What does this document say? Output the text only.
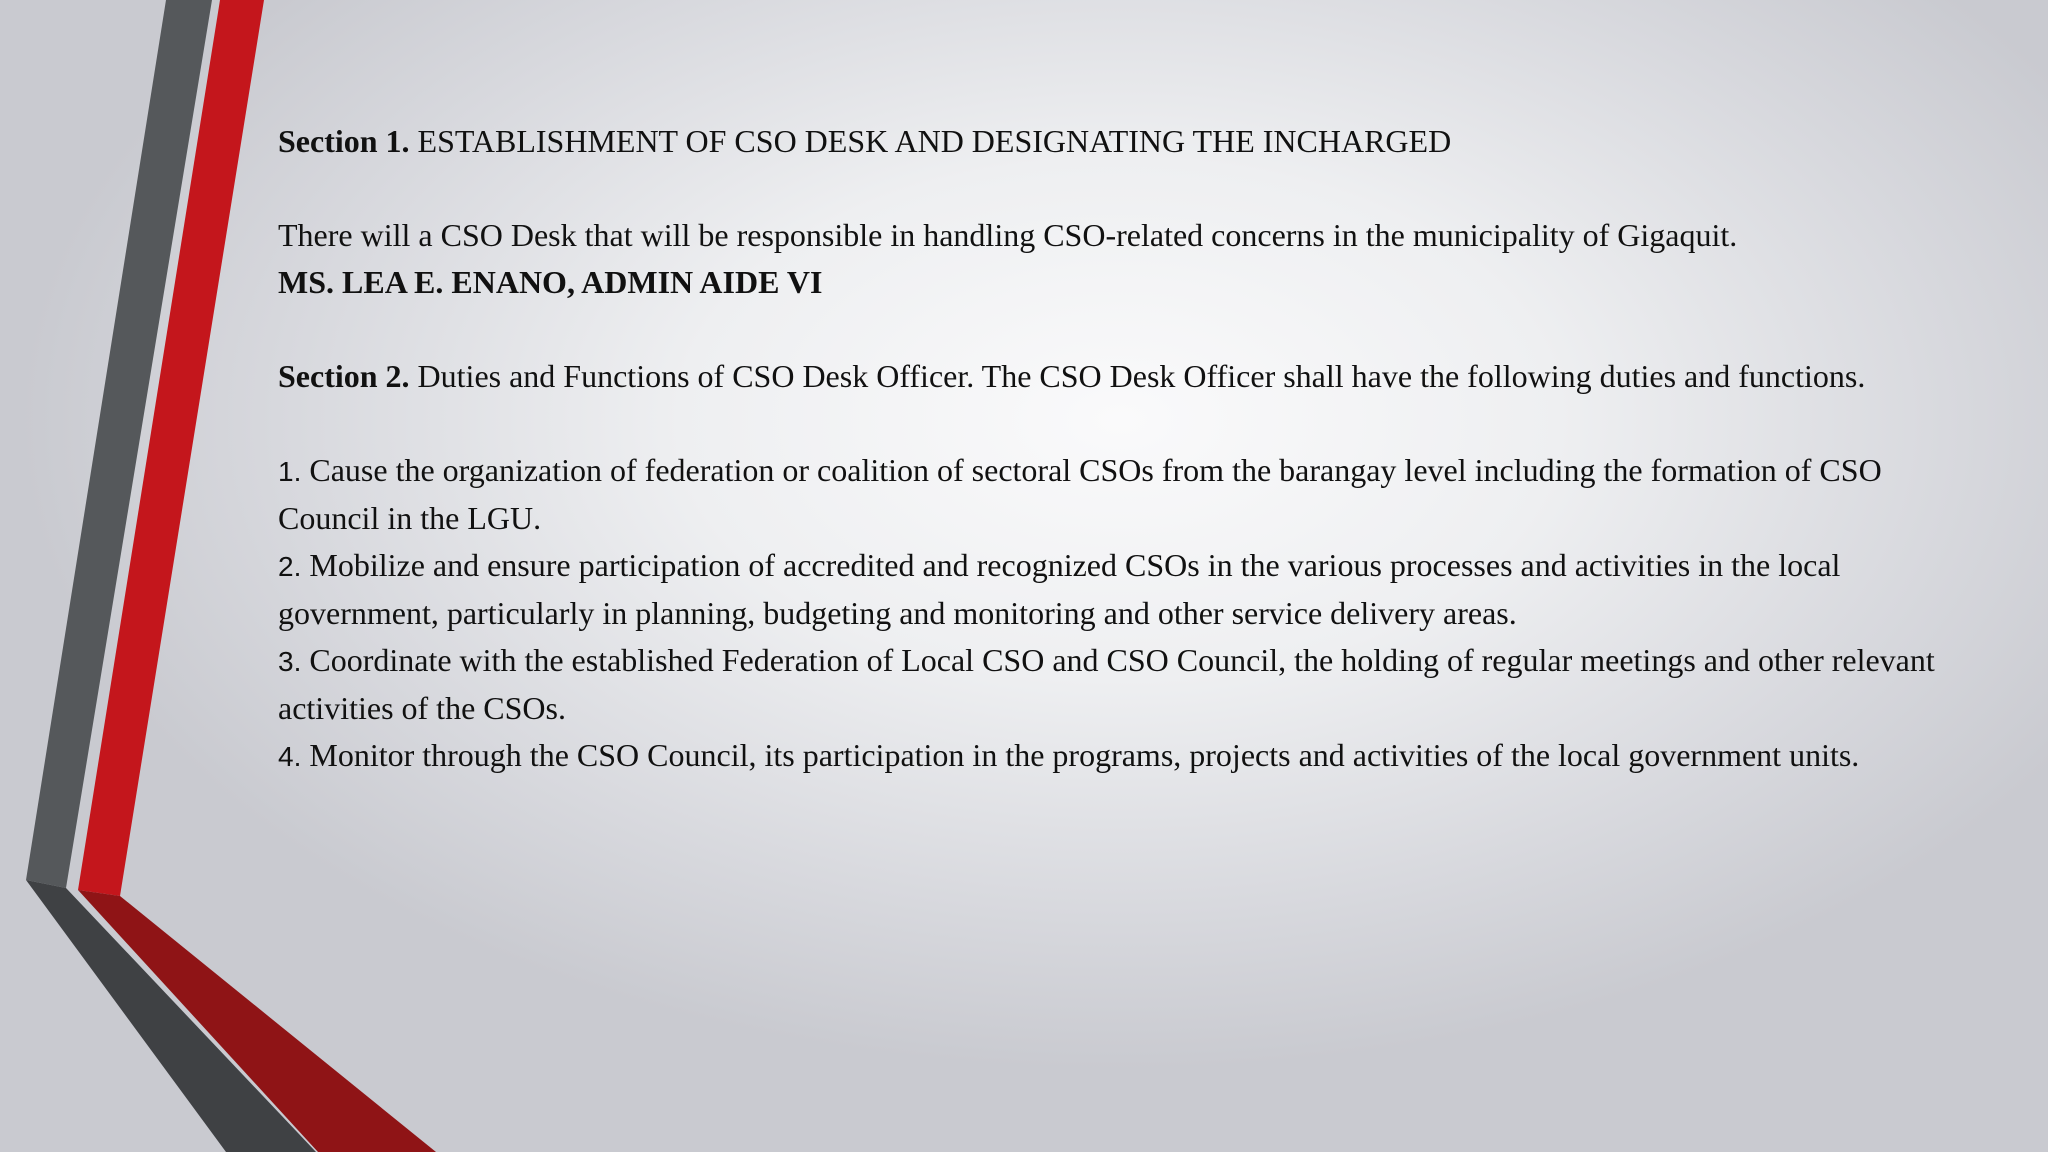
Section 1. ESTABLISHMENT OF CSO DESK AND DESIGNATING THE INCHARGED

There will a CSO Desk that will be responsible in handling CSO-related concerns in the municipality of Gigaquit.

MS. LEA E. ENANO, ADMIN AIDE VI

Section 2. Duties and Functions of CSO Desk Officer. The CSO Desk Officer shall have the following duties and functions.

1. Cause the organization of federation or coalition of sectoral CSOs from the barangay level including the formation of CSO Council in the LGU.

2. Mobilize and ensure participation of accredited and recognized CSOs in the various processes and activities in the local government, particularly in planning, budgeting and monitoring and other service delivery areas.

3. Coordinate with the established Federation of Local CSO and CSO Council, the holding of regular meetings and other relevant activities of the CSOs.

4. Monitor through the CSO Council, its participation in the programs, projects and activities of the local government units.
